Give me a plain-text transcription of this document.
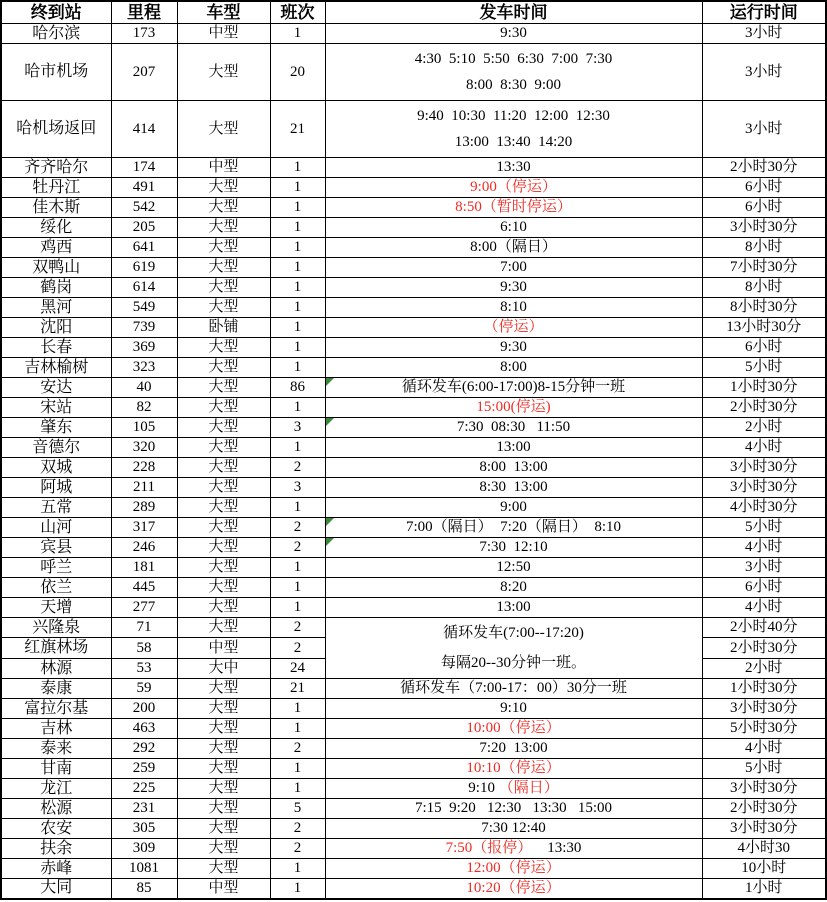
终到站	里程	车型	班次	发车时间	运行时间
哈尔滨	173	中型	1	9:30	3小时
哈市机场	207	大型	20	4:30  5:10  5:50  6:30  7:00  7:30
8:00  8:30  9:00	3小时
哈机场返回	414	大型	21	9:40  10:30  11:20  12:00  12:30
13:00  13:40  14:20	3小时
齐齐哈尔	174	中型	1	13:30	2小时30分
牡丹江	491	大型	1	9:00（停运）	6小时
佳木斯	542	大型	1	8:50（暂时停运）	6小时
绥化	205	大型	1	6:10	3小时30分
鸡西	641	大型	1	8:00（隔日）	8小时
双鸭山	619	大型	1	7:00	7小时30分
鹤岗	614	大型	1	9:30	8小时
黑河	549	大型	1	8:10	8小时30分
沈阳	739	卧铺	1	（停运）	13小时30分
长春	369	大型	1	9:30	6小时
吉林榆树	323	大型	1	8:00	5小时
安达	40	大型	86	循环发车(6:00-17:00)8-15分钟一班	1小时30分
宋站	82	大型	1	15:00(停运)	2小时30分
肇东	105	大型	3	7:30  08:30   11:50	2小时
音德尔	320	大型	1	13:00	4小时
双城	228	大型	2	8:00  13:00	3小时30分
阿城	211	大型	3	8:30  13:00	3小时30分
五常	289	大型	1	9:00	4小时30分
山河	317	大型	2	7:00（隔日）  7:20（隔日）  8:10	5小时
宾县	246	大型	2	7:30  12:10	4小时
呼兰	181	大型	1	12:50	3小时
依兰	445	大型	1	8:20	6小时
天增	277	大型	1	13:00	4小时
兴隆泉	71	大型	2	循环发车(7:00--17:20)
每隔20--30分钟一班。	2小时40分
红旗林场	58	中型	2		2小时30分
林源	53	大中	24		2小时
泰康	59	大型	21	循环发车（7:00-17：00）30分一班	1小时30分
富拉尔基	200	大型	1	9:10	3小时30分
吉林	463	大型	1	10:00（停运）	5小时30分
泰来	292	大型	2	7:20  13:00	4小时
甘南	259	大型	1	10:10（停运）	5小时
龙江	225	大型	1	9:10 （隔日）	3小时30分
松源	231	大型	5	7:15  9:20   12:30   13:30   15:00	2小时30分
农安	305	大型	2	7:30 12:40	3小时30分
扶余	309	大型	2	7:50（报停）    13:30	4小时30
赤峰	1081	大型	1	12:00（停运）	10小时
大同	85	中型	1	10:20（停运）	1小时
